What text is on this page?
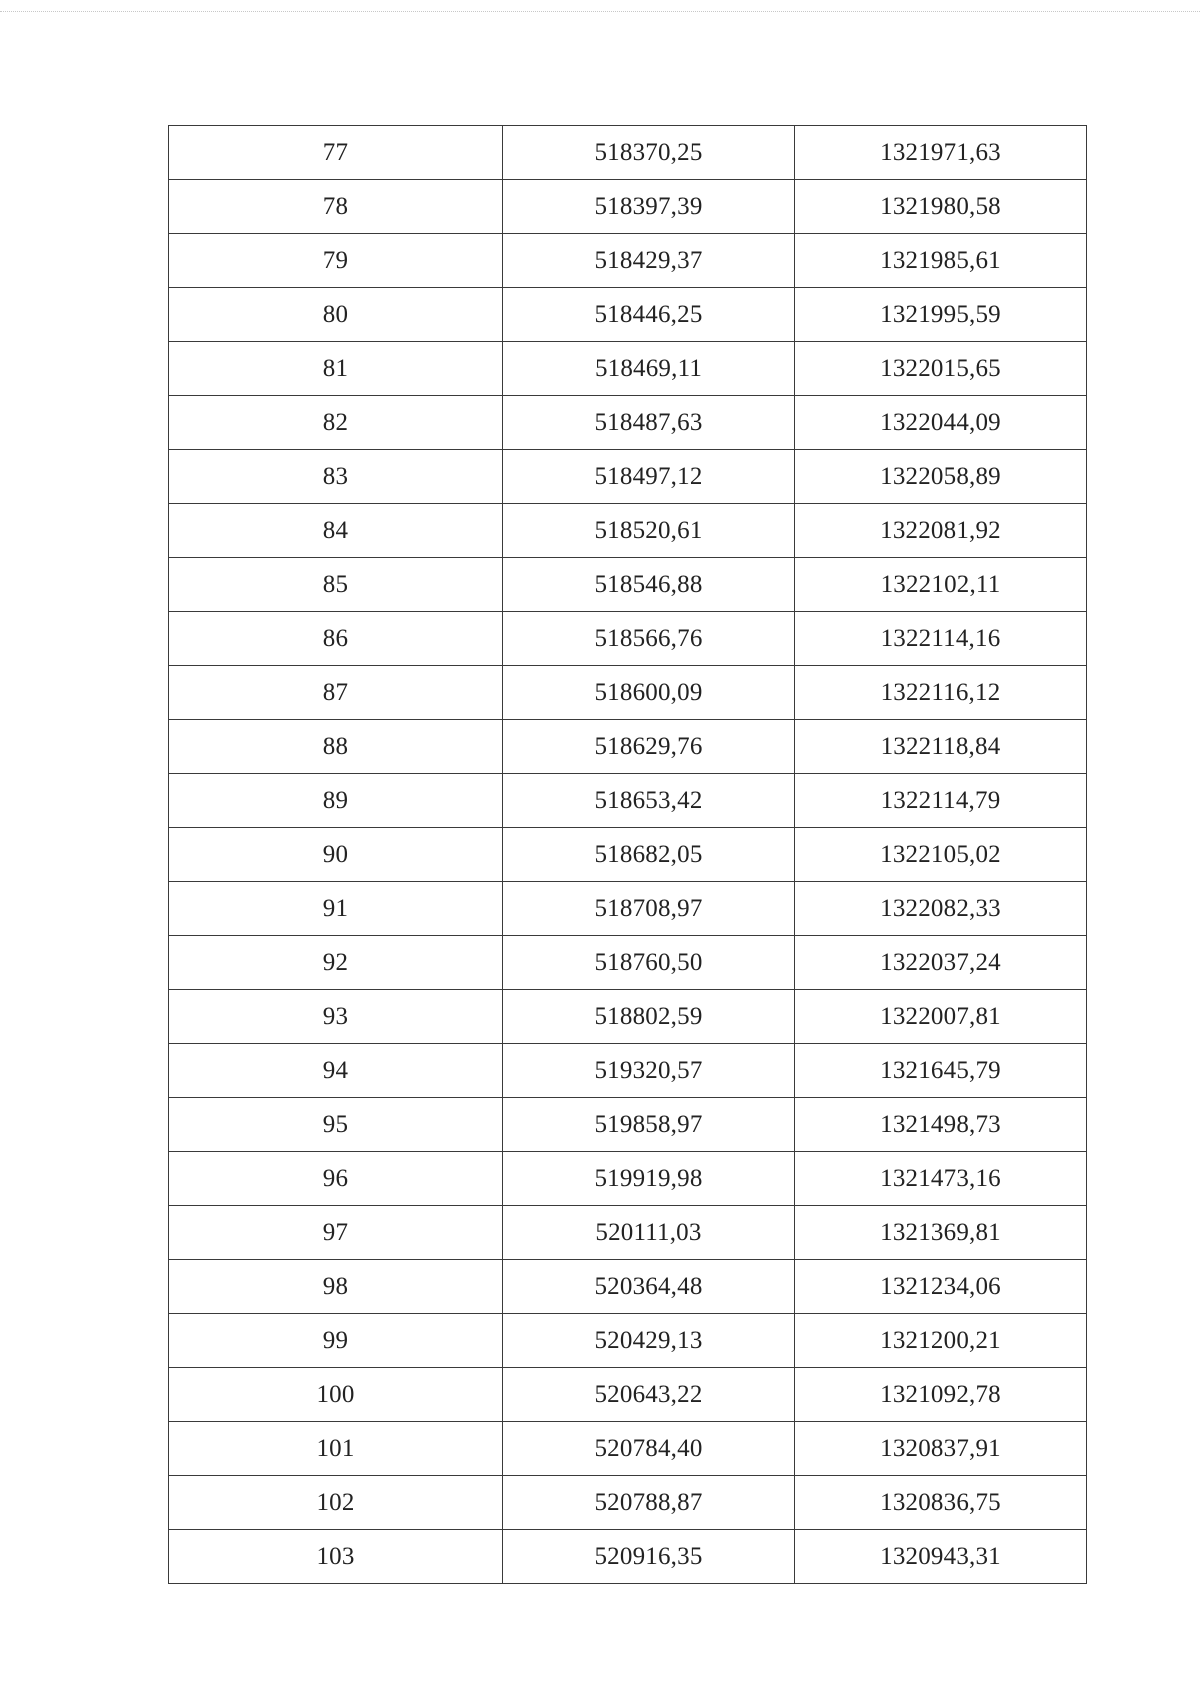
77	518370,25	1321971,63
78	518397,39	1321980,58
79	518429,37	1321985,61
80	518446,25	1321995,59
81	518469,11	1322015,65
82	518487,63	1322044,09
83	518497,12	1322058,89
84	518520,61	1322081,92
85	518546,88	1322102,11
86	518566,76	1322114,16
87	518600,09	1322116,12
88	518629,76	1322118,84
89	518653,42	1322114,79
90	518682,05	1322105,02
91	518708,97	1322082,33
92	518760,50	1322037,24
93	518802,59	1322007,81
94	519320,57	1321645,79
95	519858,97	1321498,73
96	519919,98	1321473,16
97	520111,03	1321369,81
98	520364,48	1321234,06
99	520429,13	1321200,21
100	520643,22	1321092,78
101	520784,40	1320837,91
102	520788,87	1320836,75
103	520916,35	1320943,31
